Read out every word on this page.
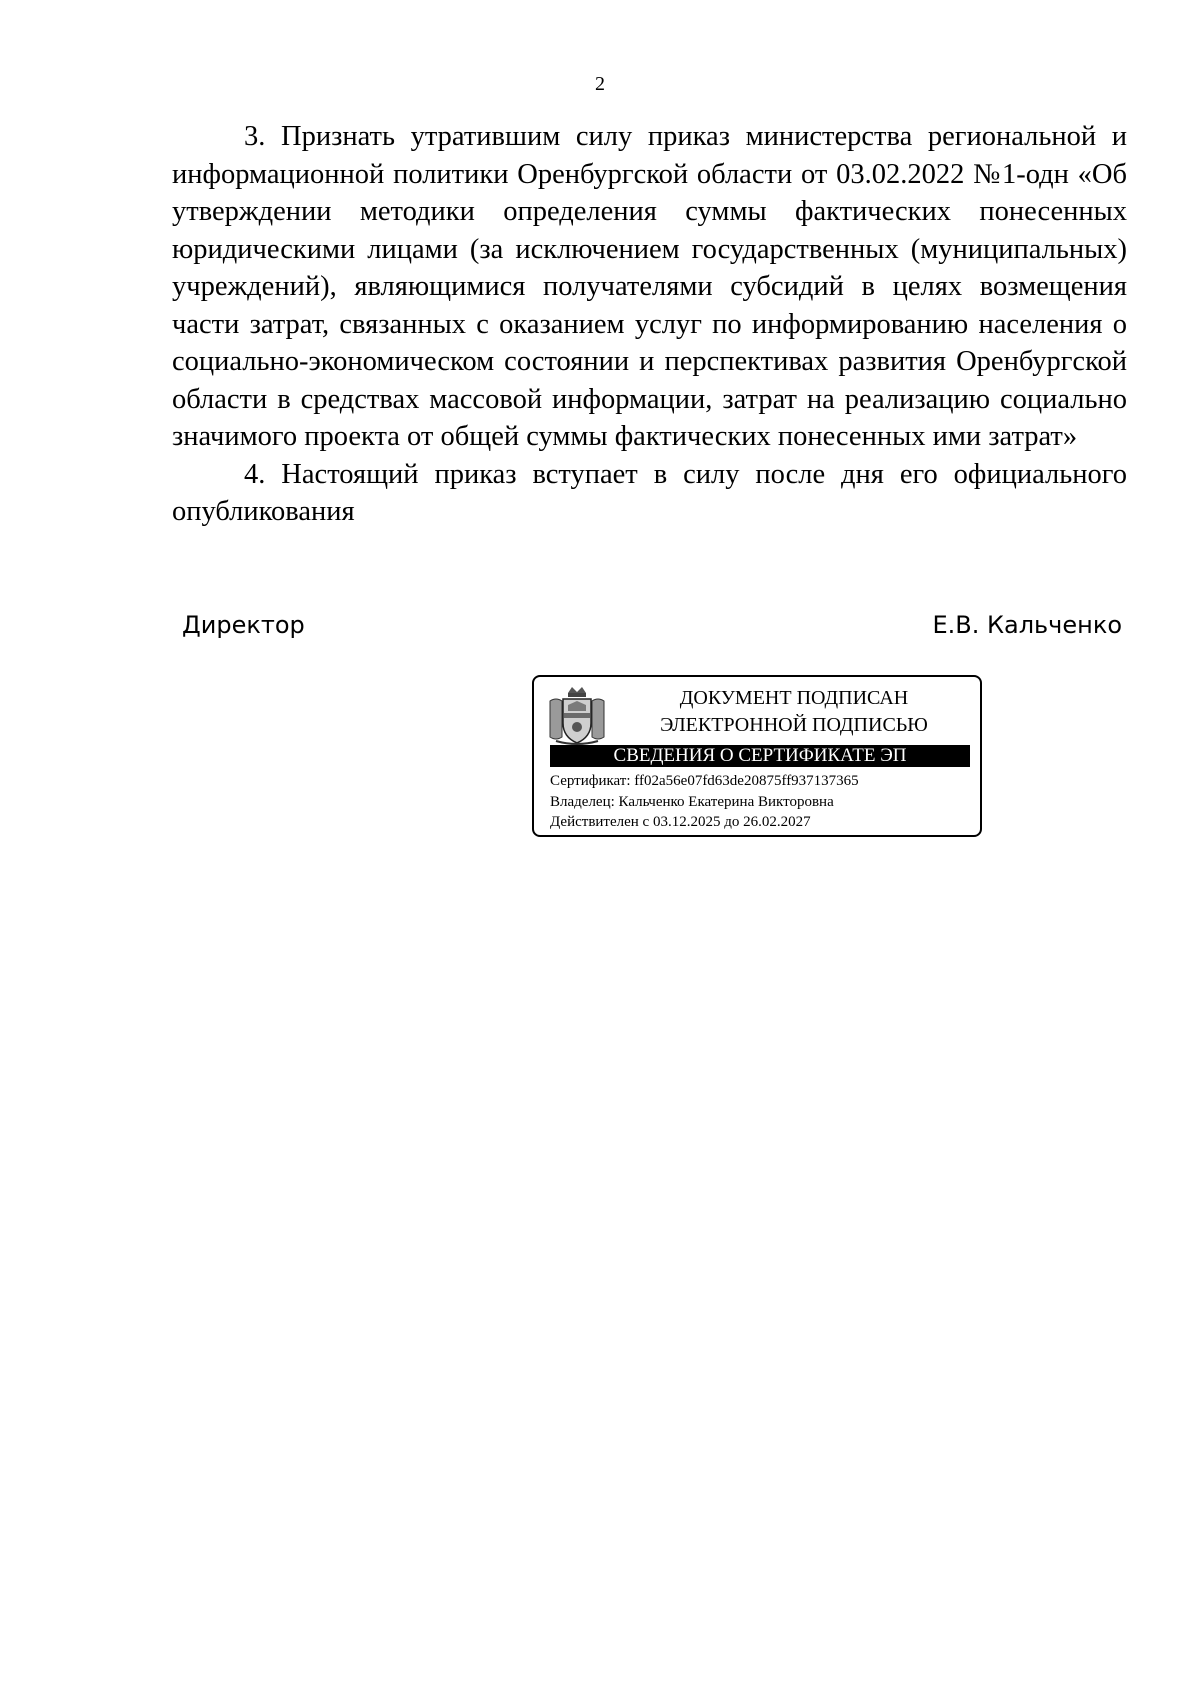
2

3. Признать утратившим силу приказ министерства региональной и информационной политики Оренбургской области от 03.02.2022 №1-одн «Об утверждении методики определения суммы фактических понесенных юридическими лицами (за исключением государственных (муниципальных) учреждений), являющимися получателями субсидий в целях возмещения части затрат, связанных с оказанием услуг по информированию населения о социально-экономическом состоянии и перспективах развития Оренбургской области в средствах массовой информации, затрат на реализацию социально значимого проекта от общей суммы фактических понесенных ими затрат»

4. Настоящий приказ вступает в силу после дня его официального опубликования

Директор	Е.В. Кальченко
ДОКУМЕНТ ПОДПИСАН
ЭЛЕКТРОННОЙ ПОДПИСЬЮ
СВЕДЕНИЯ О СЕРТИФИКАТЕ ЭП
Сертификат: ff02a56e07fd63de20875ff937137365
Владелец: Кальченко Екатерина Викторовна
Действителен с 03.12.2025 до 26.02.2027
